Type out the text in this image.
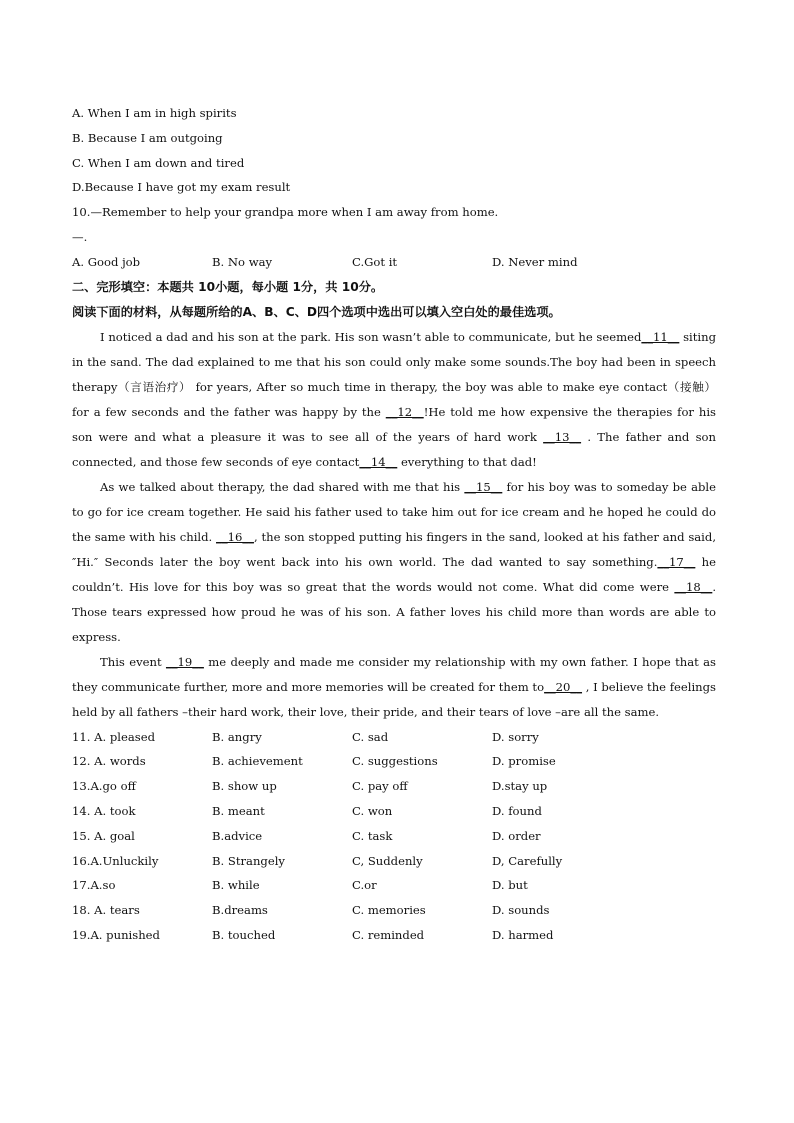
A. When I am in high spirits
B. Because I am outgoing
C. When I am down and tired
D.Because I have got my exam result
10.—Remember to help your grandpa more when I am away from home.
—.
A. Good job	B. No way	C.Got it	D. Never mind
二、完形填空：本题共 10小题，每小题 1分，共 10分。
阅读下面的材料，从每题所给的A、B、C、D四个选项中选出可以填入空白处的最佳选项。
I noticed a dad and his son at the park. His son wasn’t able to communicate, but he seemed__11__ siting in the sand. The dad explained to me that his son could only make some sounds.The boy had been in speech therapy（言语治疗） for years, After so much time in therapy, the boy was able to make eye contact（接触） for a few seconds and the father was happy by the __12__!He told me how expensive the therapies for his son were and what a pleasure it was to see all of the years of hard work __13__ . The father and son connected, and those few seconds of eye contact__14__ everything to that dad!
As we talked about therapy, the dad shared with me that his __15__ for his boy was to someday be able to go for ice cream together. He said his father used to take him out for ice cream and he hoped he could do the same with his child. __16__, the son stopped putting his fingers in the sand, looked at his father and said, ″Hi.″ Seconds later the boy went back into his own world. The dad wanted to say something.__17__ he couldn’t. His love for this boy was so great that the words would not come. What did come were __18__. Those tears expressed how proud he was of his son. A father loves his child more than words are able to express.
This event __19__ me deeply and made me consider my relationship with my own father. I hope that as they communicate further, more and more memories will be created for them to__20__ , I believe the feelings held by all fathers –their hard work, their love, their pride, and their tears of love –are all the same.
11. A. pleased	B. angry	C. sad	D. sorry
12. A. words	B. achievement	C. suggestions	D. promise
13.A.go off	B. show up	C. pay off	D.stay up
14. A. took	B. meant	C. won	D. found
15. A. goal	B.advice	C. task	D. order
16.A.Unluckily	B. Strangely	C, Suddenly	D, Carefully
17.A.so	B. while	C.or	D. but
18. A. tears	B.dreams	C. memories	D. sounds
19.A. punished	B. touched	C. reminded	D. harmed
